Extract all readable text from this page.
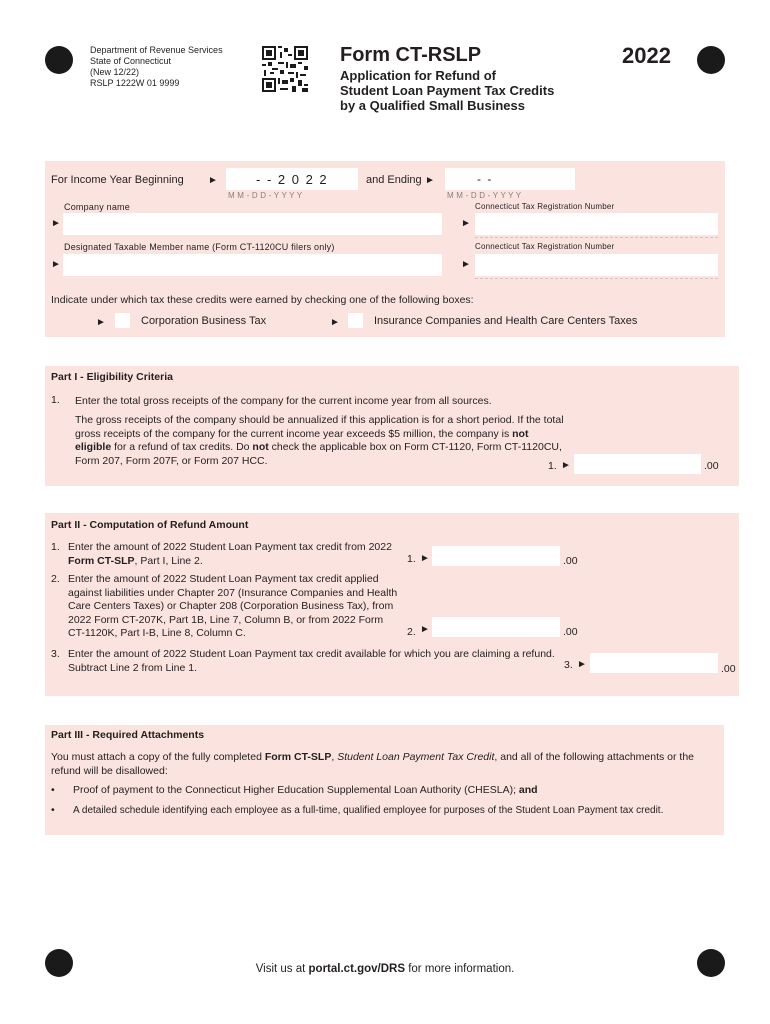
Department of Revenue Services
State of Connecticut
(New 12/22)
RSLP 1222W 01 9999
Form CT-RSLP	2022
Application for Refund of
Student Loan Payment Tax Credits
by a Qualified Small Business
For Income Year Beginning ►	- - 2 0 2 2
M M - D D - Y Y Y Y
and Ending ►	- -
M M - D D - Y Y Y Y
Company name
►
Connecticut Tax Registration Number
►
Designated Taxable Member name (Form CT-1120CU filers only)
►
Connecticut Tax Registration Number
►
Indicate under which tax these credits were earned by checking one of the following boxes:
►	Corporation Business Tax	►	Insurance Companies and Health Care Centers Taxes
Part I - Eligibility Criteria
1. Enter the total gross receipts of the company for the current income year from all sources.
The gross receipts of the company should be annualized if this application is for a short period. If the total gross receipts of the company for the current income year exceeds $5 million, the company is not eligible for a refund of tax credits. Do not check the applicable box on Form CT-1120, Form CT-1120CU, Form 207, Form 207F, or Form 207 HCC.	1. ►	.00
Part II - Computation of Refund Amount
1. Enter the amount of 2022 Student Loan Payment tax credit from 2022 Form CT-SLP, Part I, Line 2.	1. ►	.00
2. Enter the amount of 2022 Student Loan Payment tax credit applied against liabilities under Chapter 207 (Insurance Companies and Health Care Centers Taxes) or Chapter 208 (Corporation Business Tax), from 2022 Form CT-207K, Part 1B, Line 7, Column B, or from 2022 Form CT-1120K, Part I-B, Line 8, Column C.	2. ►	.00
3. Enter the amount of 2022 Student Loan Payment tax credit available for which you are claiming a refund. Subtract Line 2 from Line 1.	3. ►	.00
Part III - Required Attachments
You must attach a copy of the fully completed Form CT-SLP, Student Loan Payment Tax Credit, and all of the following attachments or the refund will be disallowed:
• Proof of payment to the Connecticut Higher Education Supplemental Loan Authority (CHESLA); and
• A detailed schedule identifying each employee as a full-time, qualified employee for purposes of the Student Loan Payment tax credit.
Visit us at portal.ct.gov/DRS for more information.
